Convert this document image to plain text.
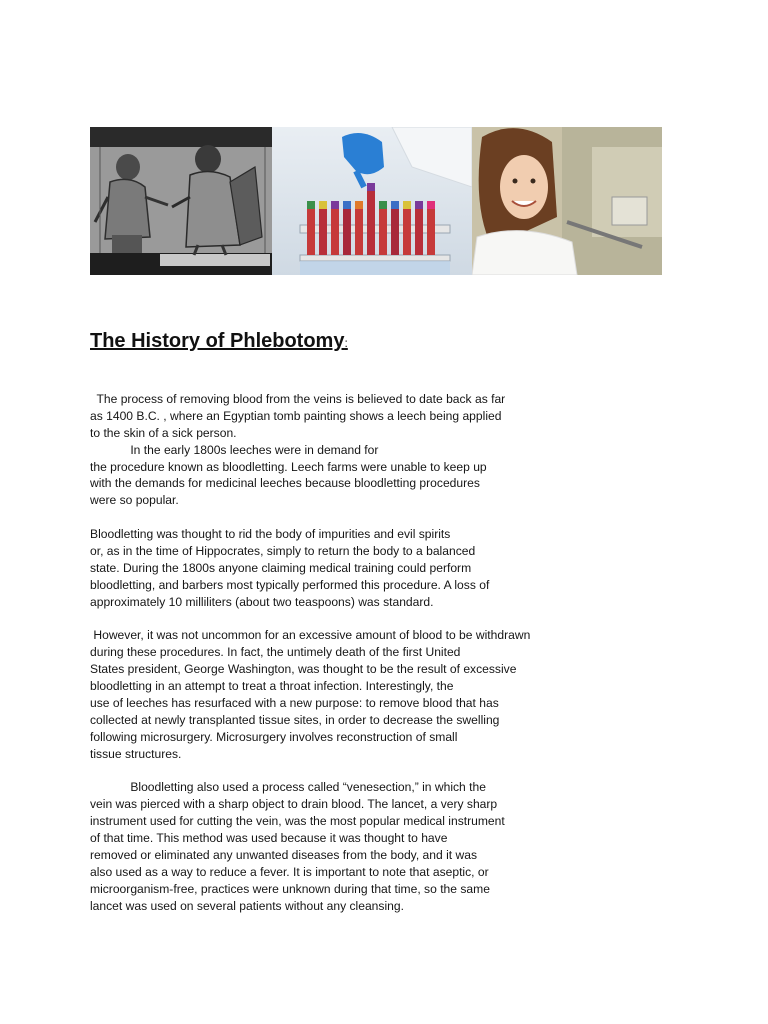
The History of Phlebotomy:
The process of removing blood from the veins is believed to date back as far
as 1400 B.C. , where an Egyptian tomb painting shows a leech being applied
to the skin of a sick person.
In the early 1800s leeches were in demand for
the procedure known as bloodletting. Leech farms were unable to keep up
with the demands for medicinal leeches because bloodletting procedures
were so popular.
Bloodletting was thought to rid the body of impurities and evil spirits
or, as in the time of Hippocrates, simply to return the body to a balanced
state. During the 1800s anyone claiming medical training could perform
bloodletting, and barbers most typically performed this procedure. A loss of
approximately 10 milliliters (about two teaspoons) was standard.
However, it was not uncommon for an excessive amount of blood to be withdrawn
during these procedures. In fact, the untimely death of the first United
States president, George Washington, was thought to be the result of excessive
bloodletting in an attempt to treat a throat infection. Interestingly, the
use of leeches has resurfaced with a new purpose: to remove blood that has
collected at newly transplanted tissue sites, in order to decrease the swelling
following microsurgery. Microsurgery involves reconstruction of small
tissue structures.
Bloodletting also used a process called “venesection,” in which the
vein was pierced with a sharp object to drain blood. The lancet, a very sharp
instrument used for cutting the vein, was the most popular medical instrument
of that time. This method was used because it was thought to have
removed or eliminated any unwanted diseases from the body, and it was
also used as a way to reduce a fever. It is important to note that aseptic, or
microorganism-free, practices were unknown during that time, so the same
lancet was used on several patients without any cleansing.
